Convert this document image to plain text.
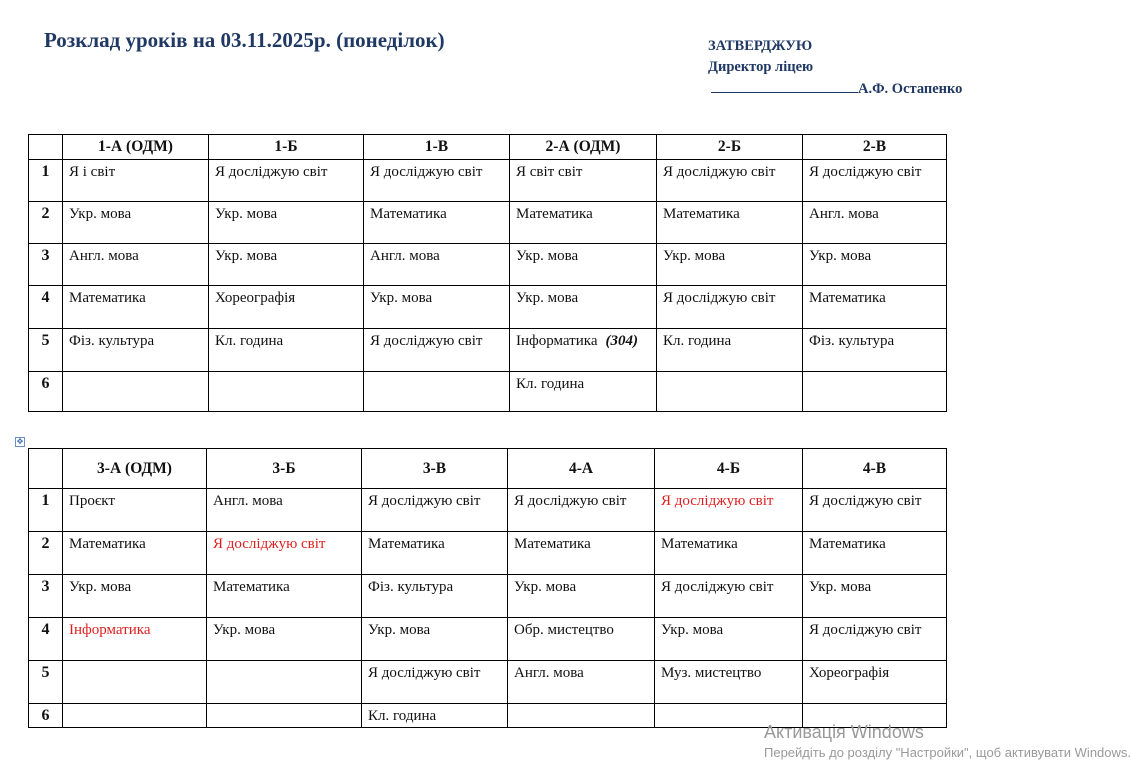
Розклад уроків на 03.11.2025р. (понеділок)	ЗАТВЕРДЖУЮ
Директор ліцею
А.Ф. Остапенко
	1-А (ОДМ)	1-Б	1-В	2-А (ОДМ)	2-Б	2-В
1	Я і світ	Я досліджую світ	Я досліджую світ	Я світ світ	Я досліджую світ	Я досліджую світ
2	Укр. мова	Укр. мова	Математика	Математика	Математика	Англ. мова
3	Англ. мова	Укр. мова	Англ. мова	Укр. мова	Укр. мова	Укр. мова
4	Математика	Хореографія	Укр. мова	Укр. мова	Я досліджую світ	Математика
5	Фіз. культура	Кл. година	Я досліджую світ	Інформатика (304)	Кл. година	Фіз. культура
6				Кл. година		
✥
	3-А (ОДМ)	3-Б	3-В	4-А	4-Б	4-В
1	Проєкт	Англ. мова	Я досліджую світ	Я досліджую світ	Я досліджую світ	Я досліджую світ
2	Математика	Я досліджую світ	Математика	Математика	Математика	Математика
3	Укр. мова	Математика	Фіз. культура	Укр. мова	Я досліджую світ	Укр. мова
4	Інформатика	Укр. мова	Укр. мова	Обр. мистецтво	Укр. мова	Я досліджую світ
5			Я досліджую світ	Англ. мова	Муз. мистецтво	Хореографія
6			Кл. година			
Активація Windows
Перейдіть до розділу "Настройки", щоб активувати Windows.
